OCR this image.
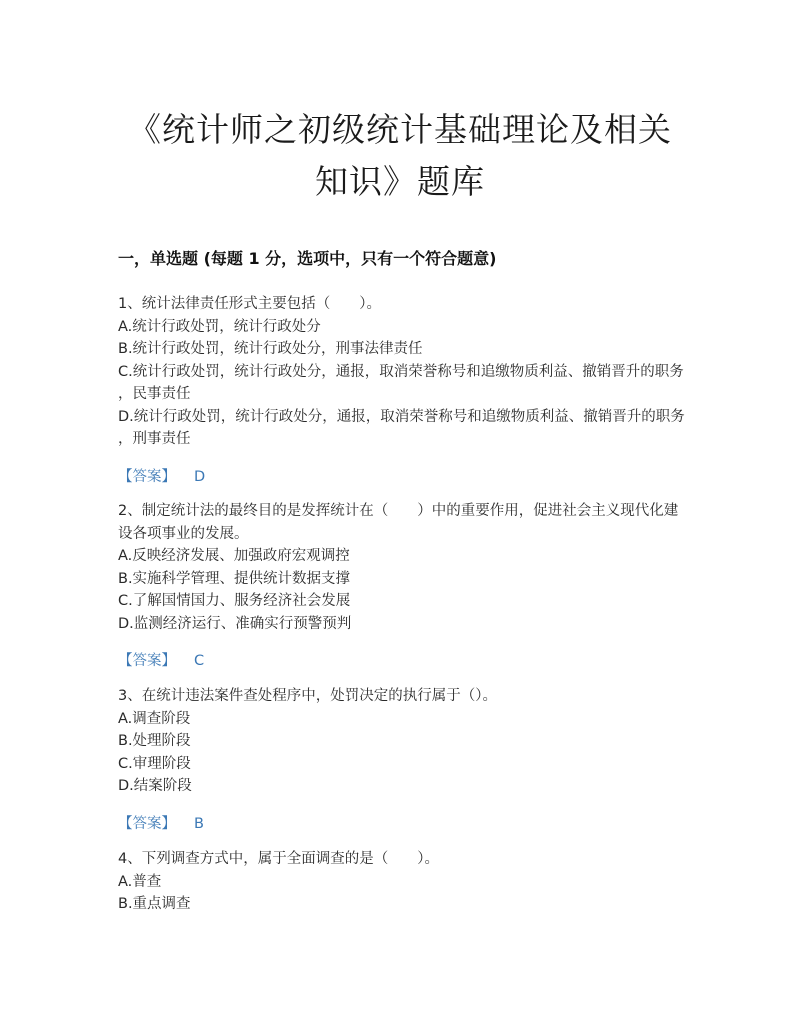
《统计师之初级统计基础理论及相关
知识》题库
一，单选题 (每题 1 分，选项中，只有一个符合题意)
1、统计法律责任形式主要包括（　　）。
A.统计行政处罚，统计行政处分
B.统计行政处罚，统计行政处分，刑事法律责任
C.统计行政处罚，统计行政处分，通报，取消荣誉称号和追缴物质利益、撤销晋升的职务
，民事责任
D.统计行政处罚，统计行政处分，通报，取消荣誉称号和追缴物质利益、撤销晋升的职务
，刑事责任
【答案】 D
2、制定统计法的最终目的是发挥统计在（　　）中的重要作用，促进社会主义现代化建
设各项事业的发展。
A.反映经济发展、加强政府宏观调控
B.实施科学管理、提供统计数据支撑
C.了解国情国力、服务经济社会发展
D.监测经济运行、准确实行预警预判
【答案】 C
3、在统计违法案件查处程序中，处罚决定的执行属于（）。
A.调查阶段
B.处理阶段
C.审理阶段
D.结案阶段
【答案】 B
4、下列调查方式中，属于全面调查的是（　　）。
A.普查
B.重点调查
